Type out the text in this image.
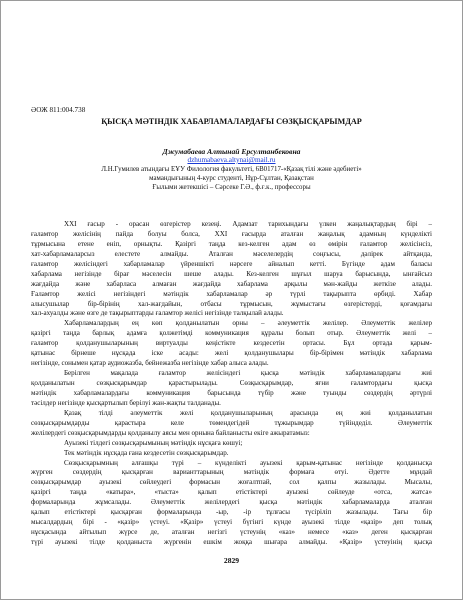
ӘОЖ 811:004.738

ҚЫСҚА МӘТІНДІК ХАБАРЛАМАЛАРДАҒЫ СӨЗҚЫСҚАРЫМДАР

Джумабаева Алтынай Ерсултанбековна

dzhumabaeva.altynai@mail.ru

Л.Н.Гумилев атындағы ЕҰУ Филология факультеті, 6В01717-«Қазақ тілі және әдебиеті»
мамандығының 4-курс студенті, Нұр-Сұлтан, Қазақстан
Ғылыми жетекшісі – Сәрсеке Г.Ә., ф.ғ.к., профессоры

XXI ғасыр - орасан өзгерістер кезеңі. Адамзат тарихындағы үлкен жаңалықтардың бірі –

ғаламтор желісінің пайда болуы болса, XXI ғасырда аталған жаңалық адамның күнделікті

тұрмысына етене еніп, орнықты. Қазіргі таңда кез-келген адам өз өмірін ғаламтор желісінсіз,

хат-хабарламаларсыз елестете алмайды. Аталған мәселелердің соңғысы, дәлірек айтқанда,

ғаламтор желісіндегі хабарламалар үйреншікті нәрсеге айналып кетті. Бүгінде адам баласы

хабарлама негізінде бірағ мәселесін шеше алады. Кез-келген шұғыл шаруа барысында, ынғайсыз

жағдайда және хабарласа алмаған жағдайда хабарлама арқылы мән-жайды жеткізе алады.

Ғаламтор желісі негізіндегі мәтіндік хабарламалар әр түрлі тақырыпта өрбиді. Хабар

алысушылар бір-бірінің хал-жағдайын, отбасы тұрмысын, жұмыстағы өзгерістерді, қоғамдағы

хал-ахуалды және өзге де тақырыптарды ғаламтор желісі негізінде талқылай алады.

Хабарламалардың ең көп қолданылатын орны – әлеуметтік желілер. Әлеуметтік желілер

қазіргі таңда барлық адамға қолжетімді коммуникация құралы болып отыр. Әлеуметтік желі –

ғаламтор қолданушыларының виртуалды кеңістікте кездесетін ортасы. Бұл ортада қарым-

қатынас бірнеше нұсқада іске асады: желі қолданушылары бір-бірімен мәтіндік хабарлама

негізінде, сонымен қатар аудиожазба, бейнежазба негізінде хабар алыса алады.

Берілген мақалада ғаламтор желісіндегі қысқа мәтіндік хабарламалардағы жиі

қолданылатын сөзқысқарымдар қарастырылады. Сөзқысқарымдар, яғни ғаламтордағы қысқа

мәтіндік хабарламалардағы коммуникация барысында түбір және туынды сөздердің әртүрлі

тәсілдер негізінде қысқартылып берілуі жан-жақты талданады.

Қазақ тілді әлеуметтік желі қолданушыларының арасында ең жиі қолданылатын

сөзқысқарымдарды қарастыра келе төмендегідей тұжырымдар түйіндеділ. Әлеуметтік

желілердегі сөзқысқарымдарды қолданылу аясы мен орнына байланысты екіге ажыратамыз:

Ауызекі тілдегі сөзқысқарымының мәтіндік нұсқаға көшуі;

Тек мәтіндік нұсқада ғана кездесетін сөзқысқарымдар.

Сөзқысқарымның алғашқы түрі – күнделікті ауызекі қарым-қатынас негізінде қолданысқа

жүрген сөздердің қысқарған варианттарының мәтіндік формаға өтуі. Әдетте мұндай

сөзқысқарымдар ауызекі сөйлеудегі формасын жоғалтпай, сол қалпы жазылады. Мысалы,

қазіргі таңда «катыра», «тыста» қалып етістіктері ауызекі сөйлеуде «отса, жатса»

формаларында жұмсалады. Әлеуметтік желілердегі қысқа мәтіндік хабарламаларда аталған

қалып етістіктері қысқарған формаларында -ыр, -ір тұлғасы түсіріліп жазылады. Тағы бір

мысалдардың бірі - «қазір» үстеуі. «Қазір» үстеуі бүгінгі күнде ауызекі тілде «қазір» деп толық

нұсқасында айтылып жүрсе де, аталған негізгі үстеунің «каз» немесе «каз» деген қысқарған

түрі ауызекі тілде қолданыста жүргенін ешкім жоққа шығара алмайды. «Қазір» үстеуінің қысқа

2829
